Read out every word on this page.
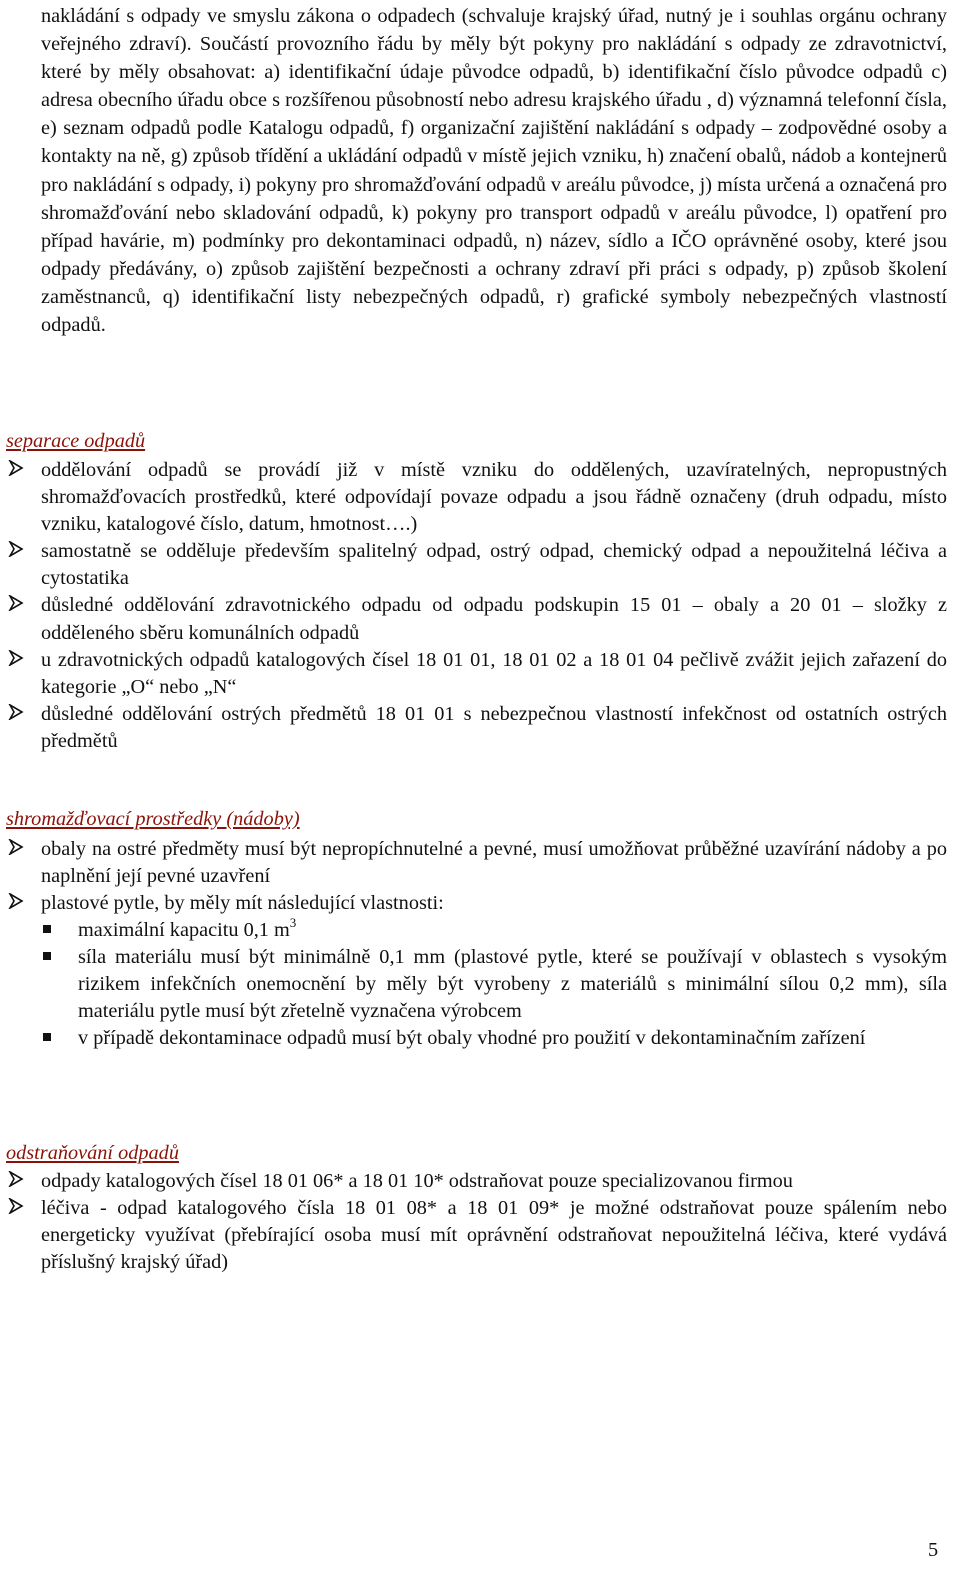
nakládání s odpady ve smyslu zákona o odpadech (schvaluje krajský úřad, nutný je i souhlas orgánu ochrany veřejného zdraví). Součástí provozního řádu by měly být pokyny pro nakládání s odpady ze zdravotnictví, které by měly obsahovat: a) identifikační údaje původce odpadů, b) identifikační číslo původce odpadů c) adresa obecního úřadu obce s rozšířenou působností nebo adresu krajského úřadu , d) významná telefonní čísla, e) seznam odpadů podle Katalogu odpadů, f) organizační zajištění nakládání s odpady – zodpovědné osoby a kontakty na ně, g) způsob třídění a ukládání odpadů v místě jejich vzniku, h) značení obalů, nádob a kontejnerů pro nakládání s odpady, i) pokyny pro shromažďování odpadů v areálu původce, j) místa určená a označená pro shromažďování nebo skladování odpadů, k) pokyny pro transport odpadů v areálu původce, l) opatření pro případ havárie, m) podmínky pro dekontaminaci odpadů, n) název, sídlo a IČO oprávněné osoby, které jsou odpady předávány, o) způsob zajištění bezpečnosti a ochrany zdraví při práci s odpady, p) způsob školení zaměstnanců, q) identifikační listy nebezpečných odpadů, r) grafické symboly nebezpečných vlastností odpadů.

separace odpadů

oddělování odpadů se provádí již v místě vzniku do oddělených, uzavíratelných, nepropustných shromažďovacích prostředků, které odpovídají povaze odpadu a jsou řádně označeny (druh odpadu, místo vzniku, katalogové číslo, datum, hmotnost….)
samostatně se odděluje především spalitelný odpad, ostrý odpad, chemický odpad a nepoužitelná léčiva a cytostatika
důsledné oddělování zdravotnického odpadu od odpadu podskupin 15 01 – obaly a 20 01 – složky z odděleného sběru komunálních odpadů
u zdravotnických odpadů katalogových čísel 18 01 01, 18 01 02 a 18 01 04 pečlivě zvážit jejich zařazení do kategorie „O“ nebo „N“
důsledné oddělování ostrých předmětů 18 01 01 s nebezpečnou vlastností infekčnost od ostatních ostrých předmětů

shromažďovací prostředky (nádoby)

obaly na ostré předměty musí být nepropíchnutelné a pevné, musí umožňovat průběžné uzavírání nádoby a po naplnění její pevné uzavření
plastové pytle, by měly mít následující vlastnosti:
maximální kapacitu 0,1 $m^3$
síla materiálu musí být minimálně 0,1 mm (plastové pytle, které se používají v oblastech s vysokým rizikem infekčních onemocnění by měly být vyrobeny z materiálů s minimální sílou 0,2 mm), síla materiálu pytle musí být zřetelně vyznačena výrobcem
v případě dekontaminace odpadů musí být obaly vhodné pro použití v dekontaminačním zařízení

odstraňování odpadů

odpady katalogových čísel 18 01 06* a 18 01 10* odstraňovat pouze specializovanou firmou
léčiva - odpad katalogového čísla 18 01 08* a 18 01 09* je možné odstraňovat pouze spálením nebo energeticky využívat (přebírající osoba musí mít oprávnění odstraňovat nepoužitelná léčiva, které vydává příslušný krajský úřad)
5
